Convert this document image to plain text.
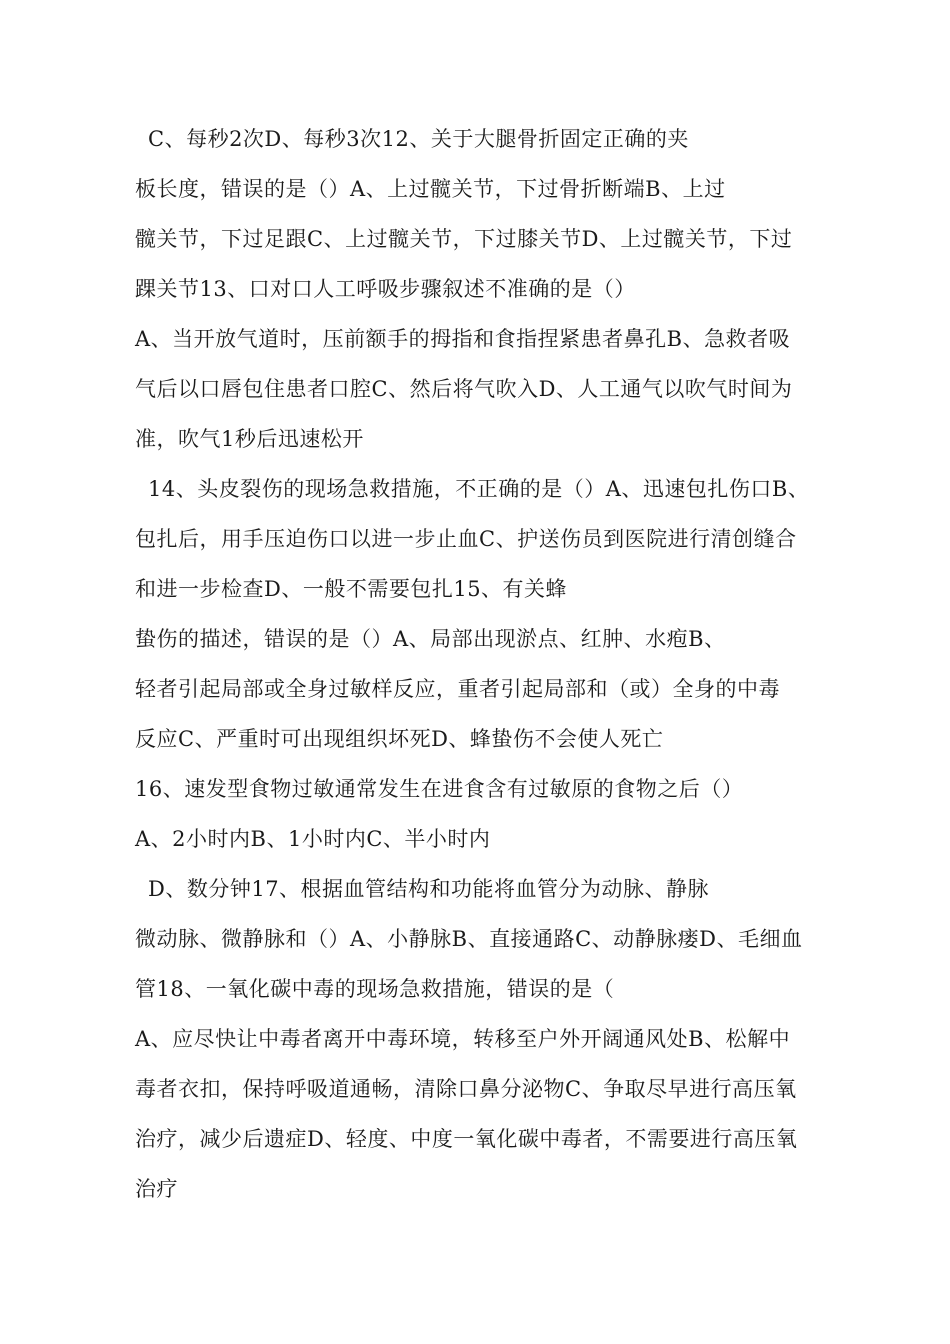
C、每秒2次D、每秒3次12、关于大腿骨折固定正确的夹
板长度，错误的是（）A、上过髋关节，下过骨折断端B、上过
髋关节，下过足跟C、上过髋关节，下过膝关节D、上过髋关节，下过
踝关节13、口对口人工呼吸步骤叙述不准确的是（）
A、当开放气道时，压前额手的拇指和食指捏紧患者鼻孔B、急救者吸
气后以口唇包住患者口腔C、然后将气吹入D、人工通气以吹气时间为
准，吹气1秒后迅速松开
14、头皮裂伤的现场急救措施，不正确的是（）A、迅速包扎伤口B、
包扎后，用手压迫伤口以进一步止血C、护送伤员到医院进行清创缝合
和进一步检查D、一般不需要包扎15、有关蜂
蛰伤的描述，错误的是（）A、局部出现淤点、红肿、水疱B、
轻者引起局部或全身过敏样反应，重者引起局部和（或）全身的中毒
反应C、严重时可出现组织坏死D、蜂蛰伤不会使人死亡
16、速发型食物过敏通常发生在进食含有过敏原的食物之后（）
A、2小时内B、1小时内C、半小时内
D、数分钟17、根据血管结构和功能将血管分为动脉、静脉
微动脉、微静脉和（）A、小静脉B、直接通路C、动静脉瘘D、毛细血
管18、一氧化碳中毒的现场急救措施，错误的是（
A、应尽快让中毒者离开中毒环境，转移至户外开阔通风处B、松解中
毒者衣扣，保持呼吸道通畅，清除口鼻分泌物C、争取尽早进行高压氧
治疗，减少后遗症D、轻度、中度一氧化碳中毒者，不需要进行高压氧
治疗
